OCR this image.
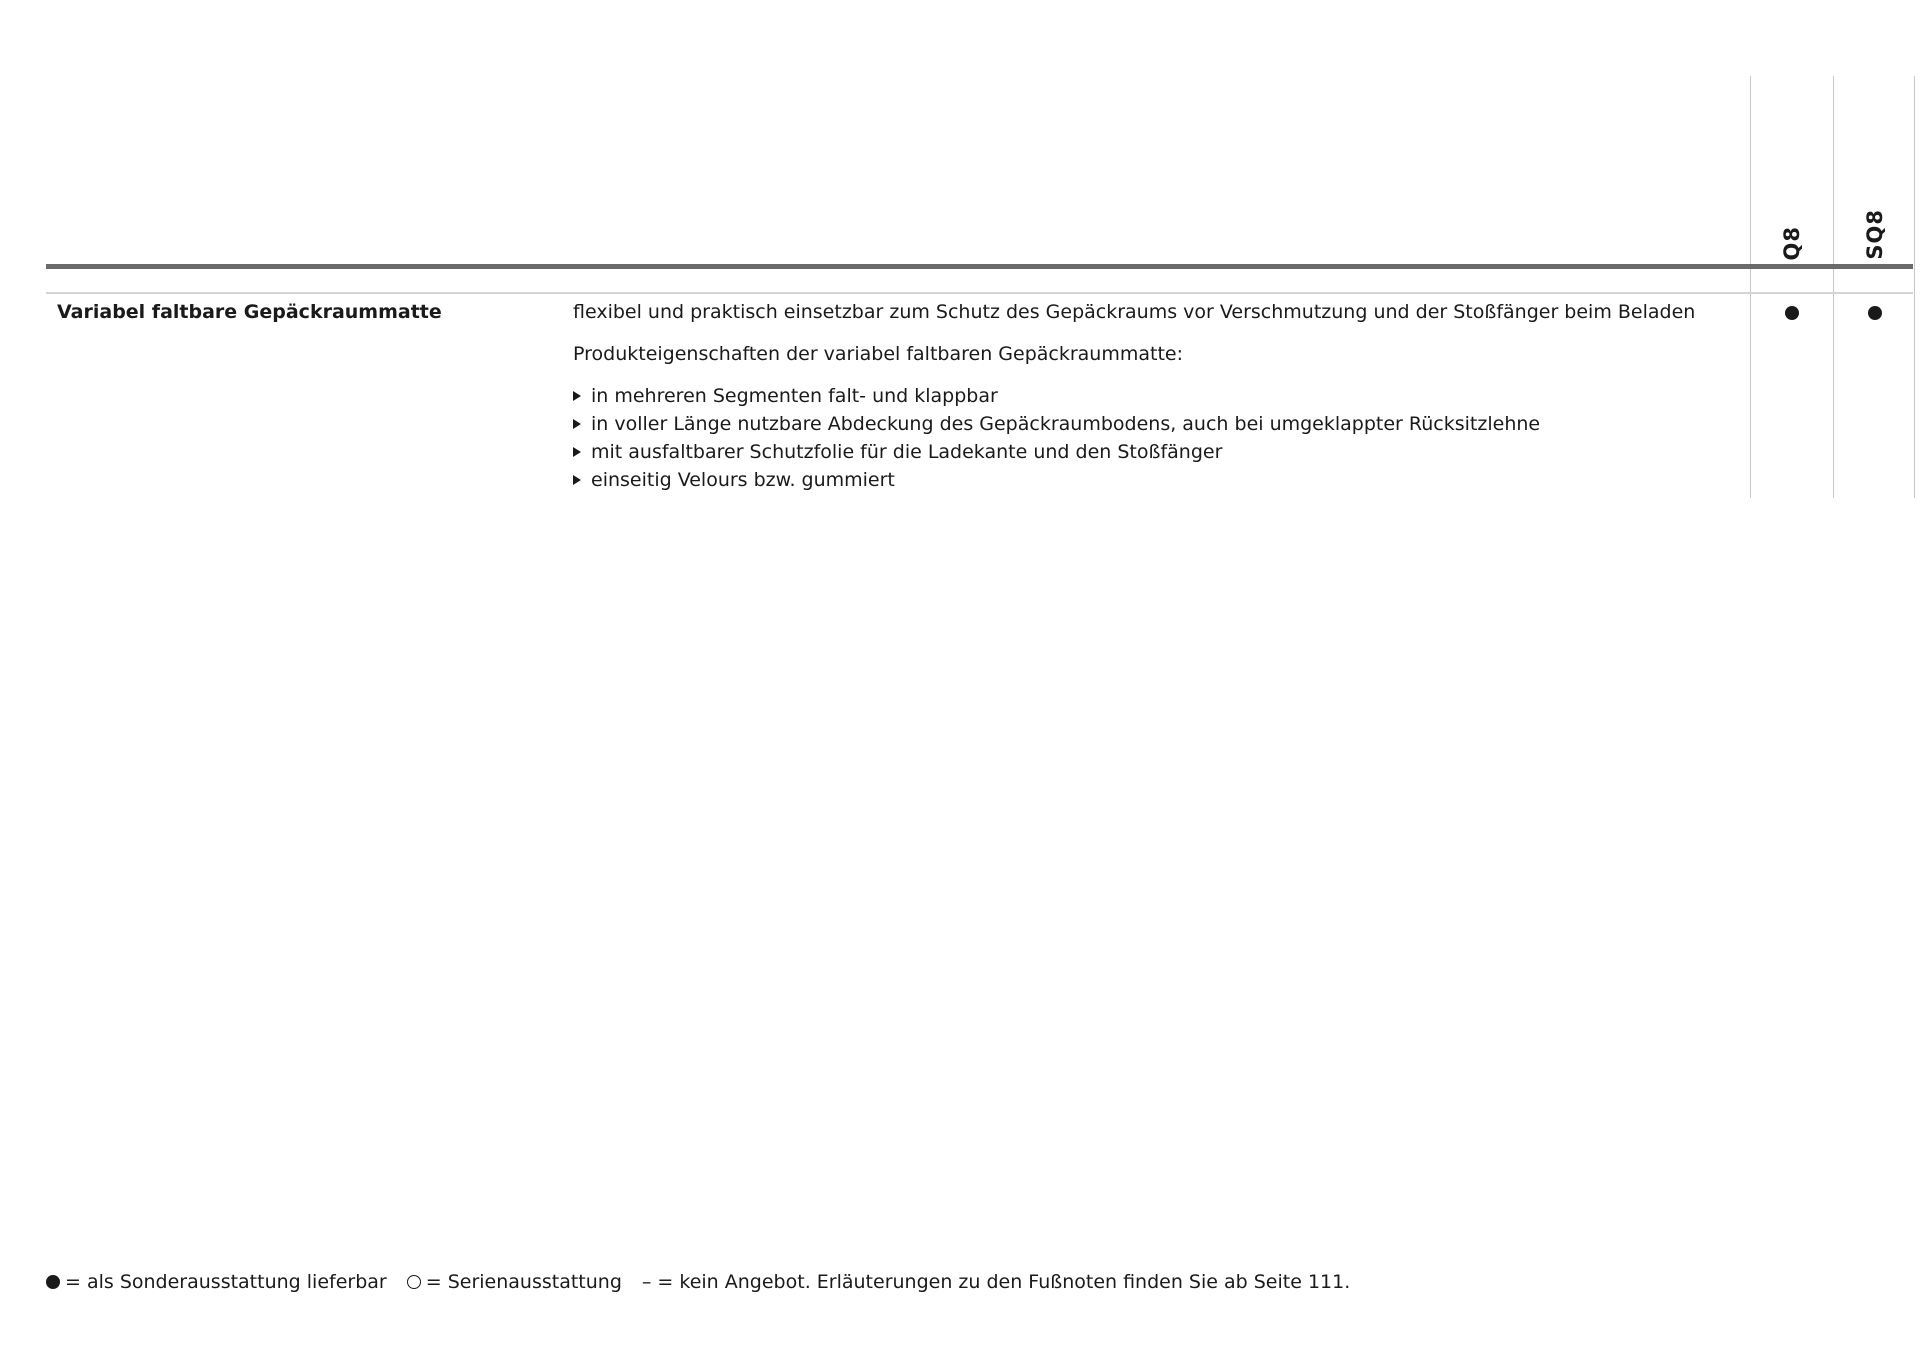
Q8	SQ8
Variabel faltbare Gepäckraummatte	flexibel und praktisch einsetzbar zum Schutz des Gepäckraums vor Verschmutzung und der Stoßfänger beim Beladen

Produkteigenschaften der variabel faltbaren Gepäckraummatte:

in mehreren Segmenten falt- und klappbar
in voller Länge nutzbare Abdeckung des Gepäckraumbodens, auch bei umgeklappter Rücksitzlehne
mit ausfaltbarer Schutzfolie für die Ladekante und den Stoßfänger
einseitig Velours bzw. gummiert
= als Sonderausstattung lieferbar = Serienausstattung – = kein Angebot. Erläuterungen zu den Fußnoten finden Sie ab Seite 111.
